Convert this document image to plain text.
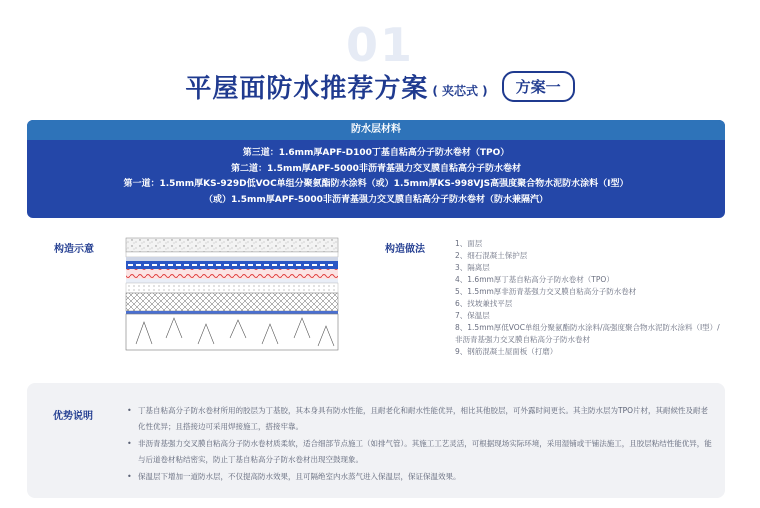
01
平屋面防水推荐方案 ( 夹芯式 )	方案一
防水层材料
第三道：1.6mm厚APF-D100丁基自粘高分子防水卷材（TPO）
第二道：1.5mm厚APF-5000非沥青基强力交叉膜自粘高分子防水卷材
第一道：1.5mm厚KS-929D低VOC单组分聚氨酯防水涂料（或）1.5mm厚KS-998VJS高强度聚合物水泥防水涂料（Ⅰ型）
（或）1.5mm厚APF-5000非沥青基强力交叉膜自粘高分子防水卷材（防水兼隔汽）
构造示意	构造做法
1、面层
2、细石混凝土保护层
3、隔离层
4、1.6mm厚丁基自粘高分子防水卷材（TPO）
5、1.5mm厚非沥青基强力交叉膜自粘高分子防水卷材
6、找坡兼找平层
7、保温层
8、1.5mm厚低VOC单组分聚氨酯防水涂料/高强度聚合物水泥防水涂料（Ⅰ型）/非沥青基强力交叉膜自粘高分子防水卷材
9、钢筋混凝土屋面板（打磨）
优势说明
• 丁基自粘高分子防水卷材所用的胶层为丁基胶，其本身具有防水性能，且耐老化和耐水性能优异，相比其他胶层，可外露时间更长。其主防水层为TPO片材，其耐候性及耐老化性优异；且搭接边可采用焊接施工，搭接牢靠。
• 非沥青基强力交叉膜自粘高分子防水卷材质柔软，适合细部节点施工（如排气管）。其施工工艺灵活，可根据现场实际环境，采用湿铺或干铺法施工，且胶层粘结性能优异，能与后道卷材粘结密实，防止丁基自粘高分子防水卷材出现空鼓现象。
• 保温层下增加一道防水层，不仅提高防水效果，且可隔绝室内水蒸气进入保温层，保证保温效果。
